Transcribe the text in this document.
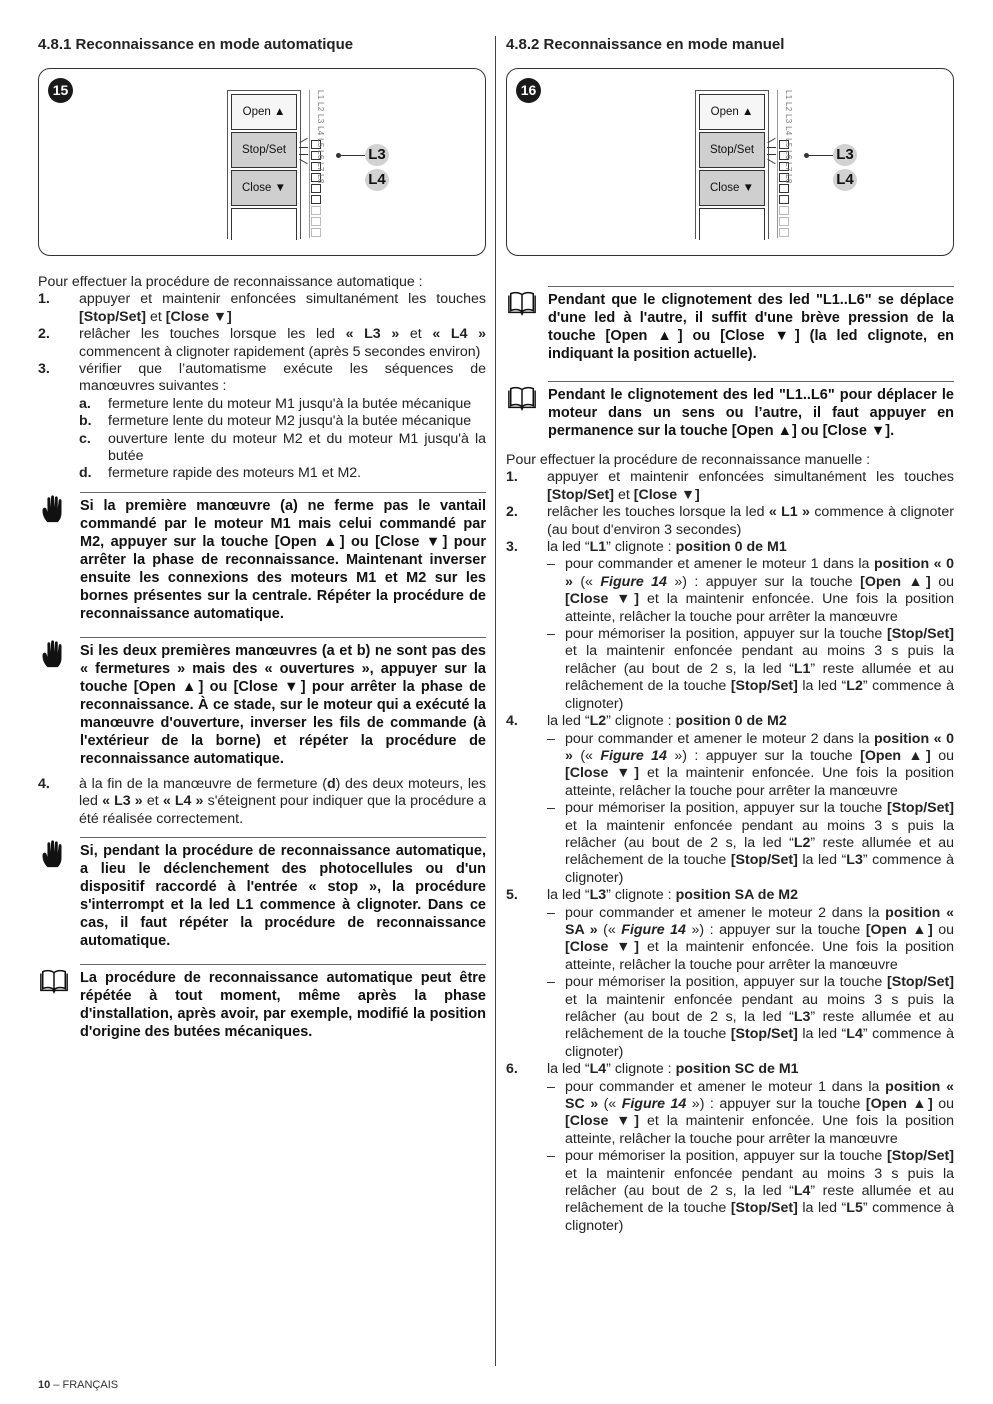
4.8.1 Reconnaissance en mode automatique
15
Open ▲
Stop/Set
Close ▼
L1 L2 L3 L4 L5 L6 L7 L8	L3
L4

Pour effectuer la procédure de reconnaissance automatique :

1. appuyer et maintenir enfoncées simultanément les touches [Stop/Set] et [Close ▼]
2. relâcher les touches lorsque les led « L3 » et « L4 » commencent à clignoter rapidement (après 5 secondes environ)
3. vérifier que l’automatisme exécute les séquences de manœuvres suivantes :
a. fermeture lente du moteur M1 jusqu'à la butée mécanique
b. fermeture lente du moteur M2 jusqu'à la butée mécanique
c. ouverture lente du moteur M2 et du moteur M1 jusqu'à la butée
d. fermeture rapide des moteurs M1 et M2.
Si la première manœuvre (a) ne ferme pas le vantail commandé par le moteur M1 mais celui commandé par M2, appuyer sur la touche [Open ▲] ou [Close ▼] pour arrêter la phase de reconnaissance. Maintenant inverser ensuite les connexions des moteurs M1 et M2 sur les bornes présentes sur la centrale. Répéter la procédure de reconnaissance automatique.
Si les deux premières manœuvres (a et b) ne sont pas des « fermetures » mais des « ouvertures », appuyer sur la touche [Open ▲] ou [Close ▼] pour arrêter la phase de reconnaissance. À ce stade, sur le moteur qui a exécuté la manœuvre d'ouverture, inverser les fils de commande (à l'extérieur de la borne) et répéter la procédure de reconnaissance automatique.
4. à la fin de la manœuvre de fermeture (d) des deux moteurs, les led « L3 » et « L4 » s'éteignent pour indiquer que la procédure a été réalisée correctement.
Si, pendant la procédure de reconnaissance automatique, a lieu le déclenchement des photocellules ou d'un dispositif raccordé à l'entrée « stop », la procédure s'interrompt et la led L1 commence à clignoter. Dans ce cas, il faut répéter la procédure de reconnaissance automatique.
La procédure de reconnaissance automatique peut être répétée à tout moment, même après la phase d'installation, après avoir, par exemple, modifié la position d'origine des butées mécaniques.
4.8.2 Reconnaissance en mode manuel
16
Open ▲
Stop/Set
Close ▼
L1 L2 L3 L4 L5 L6 L7 L8	L3
L4
Pendant que le clignotement des led "L1..L6" se déplace d'une led à l'autre, il suffit d'une brève pression de la touche [Open ▲] ou [Close ▼] (la led clignote, en indiquant la position actuelle).
Pendant le clignotement des led "L1..L6" pour déplacer le moteur dans un sens ou l’autre, il faut appuyer en permanence sur la touche [Open ▲] ou [Close ▼].

Pour effectuer la procédure de reconnaissance manuelle :

1. appuyer et maintenir enfoncées simultanément les touches [Stop/Set] et [Close ▼]
2. relâcher les touches lorsque la led « L1 » commence à clignoter (au bout d'environ 3 secondes)
3. la led “L1” clignote : position 0 de M1
– pour commander et amener le moteur 1 dans la position « 0 » (« Figure 14 ») : appuyer sur la touche [Open ▲] ou [Close ▼] et la maintenir enfoncée. Une fois la position atteinte, relâcher la touche pour arrêter la manœuvre
– pour mémoriser la position, appuyer sur la touche [Stop/Set] et la maintenir enfoncée pendant au moins 3 s puis la relâcher (au bout de 2 s, la led “L1” reste allumée et au relâchement de la touche [Stop/Set] la led “L2” commence à clignoter)
4. la led “L2” clignote : position 0 de M2
– pour commander et amener le moteur 2 dans la position « 0 » (« Figure 14 ») : appuyer sur la touche [Open ▲] ou [Close ▼] et la maintenir enfoncée. Une fois la position atteinte, relâcher la touche pour arrêter la manœuvre
– pour mémoriser la position, appuyer sur la touche [Stop/Set] et la maintenir enfoncée pendant au moins 3 s puis la relâcher (au bout de 2 s, la led “L2” reste allumée et au relâchement de la touche [Stop/Set] la led “L3” commence à clignoter)
5. la led “L3” clignote : position SA de M2
– pour commander et amener le moteur 2 dans la position « SA » (« Figure 14 ») : appuyer sur la touche [Open ▲] ou [Close ▼] et la maintenir enfoncée. Une fois la position atteinte, relâcher la touche pour arrêter la manœuvre
– pour mémoriser la position, appuyer sur la touche [Stop/Set] et la maintenir enfoncée pendant au moins 3 s puis la relâcher (au bout de 2 s, la led “L3” reste allumée et au relâchement de la touche [Stop/Set] la led “L4” commence à clignoter)
6. la led “L4” clignote : position SC de M1
– pour commander et amener le moteur 1 dans la position « SC » (« Figure 14 ») : appuyer sur la touche [Open ▲] ou [Close ▼] et la maintenir enfoncée. Une fois la position atteinte, relâcher la touche pour arrêter la manœuvre
– pour mémoriser la position, appuyer sur la touche [Stop/Set] et la maintenir enfoncée pendant au moins 3 s puis la relâcher (au bout de 2 s, la led “L4” reste allumée et au relâchement de la touche [Stop/Set] la led “L5” commence à clignoter)
10 – FRANÇAIS
